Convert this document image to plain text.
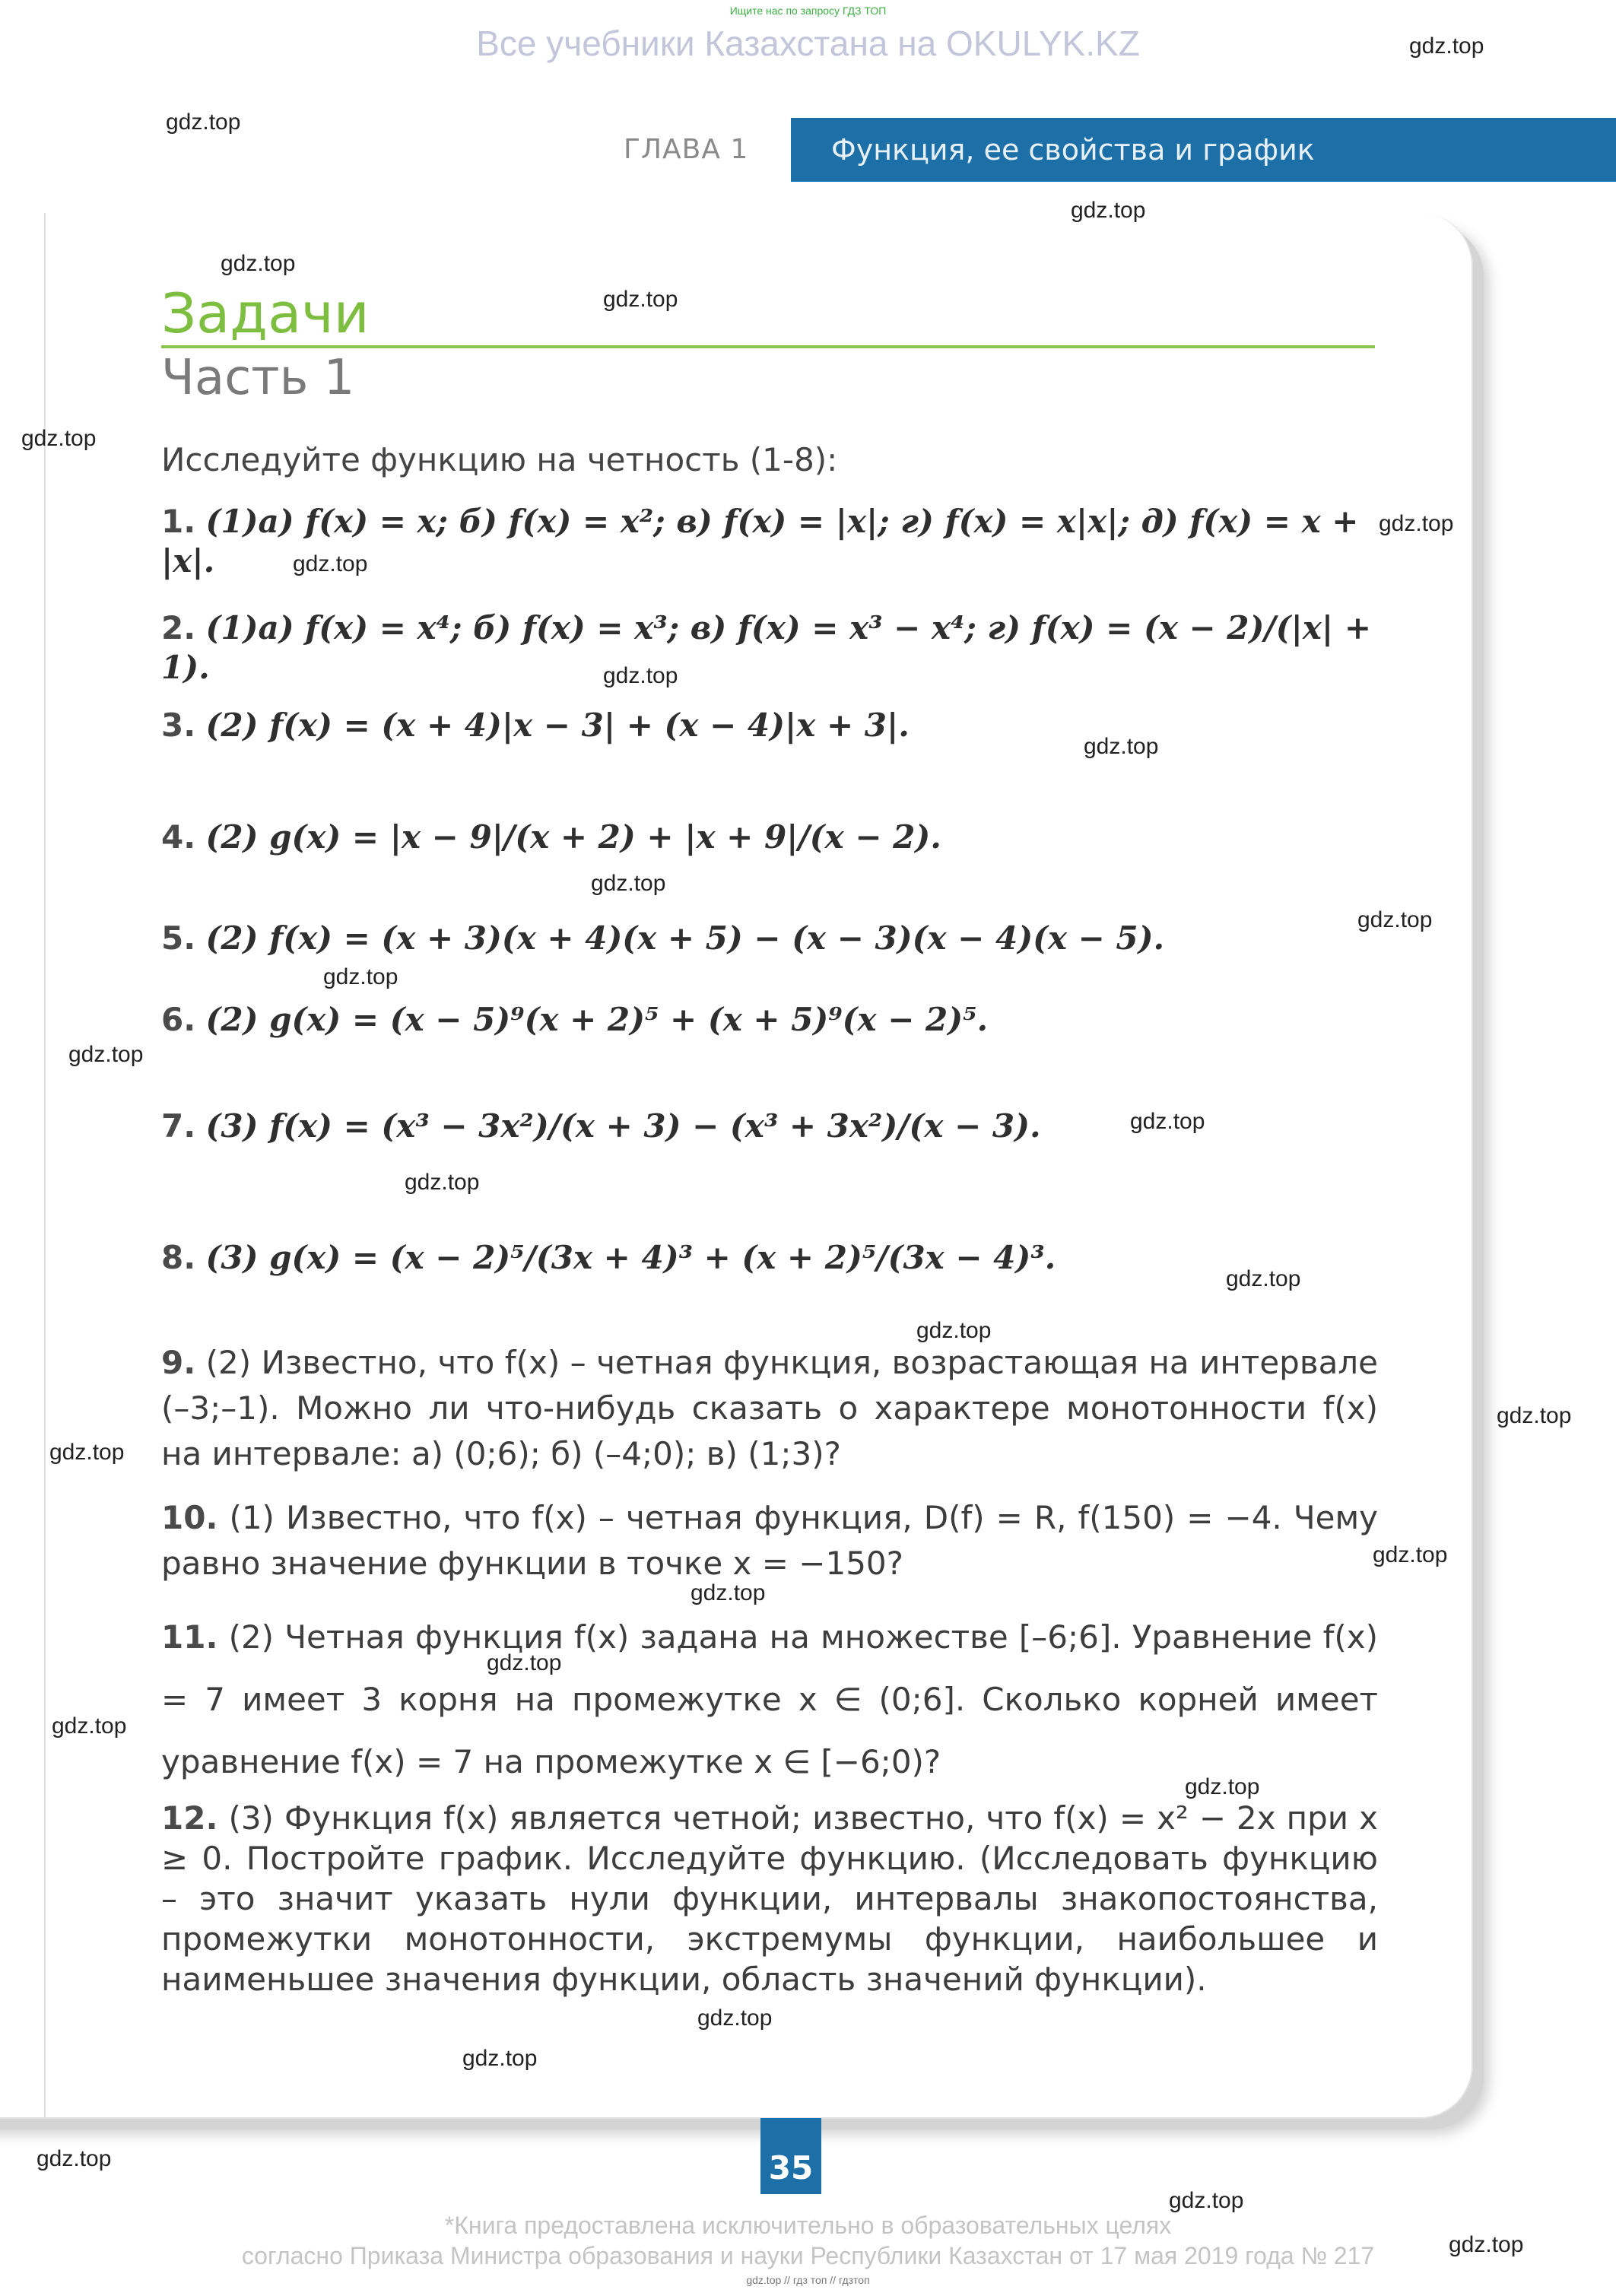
Ищите нас по запросу ГДЗ ТОП
Все учебники Казахстана на OKULYK.KZ
ГЛАВА 1	Функция, ее свойства и график
Задачи
Часть 1
Исследуйте функцию на четность (1-8):
1. (1)а) f(x) = x; б) f(x) = x²; в) f(x) = |x|; г) f(x) = x|x|; д) f(x) = x + |x|.
2. (1)а) f(x) = x⁴; б) f(x) = x³; в) f(x) = x³ − x⁴; г) f(x) = (x − 2)/(|x| + 1).
3. (2) f(x) = (x + 4)|x − 3| + (x − 4)|x + 3|.
4. (2) g(x) = |x − 9|/(x + 2) + |x + 9|/(x − 2).
5. (2) f(x) = (x + 3)(x + 4)(x + 5) − (x − 3)(x − 4)(x − 5).
6. (2) g(x) = (x − 5)⁹(x + 2)⁵ + (x + 5)⁹(x − 2)⁵.
7. (3) f(x) = (x³ − 3x²)/(x + 3) − (x³ + 3x²)/(x − 3).
8. (3) g(x) = (x − 2)⁵/(3x + 4)³ + (x + 2)⁵/(3x − 4)³.
9. (2) Известно, что f(x) – четная функция, возрастающая на интервале (–3;–1). Можно ли что-нибудь сказать о характере монотонности f(x) на интервале: а) (0;6); б) (–4;0); в) (1;3)?
10. (1) Известно, что f(x) – четная функция, D(f) = R, f(150) = −4. Чему равно значение функции в точке x = −150?
11. (2) Четная функция f(x) задана на множестве [–6;6]. Уравнение f(x) = 7 имеет 3 корня на промежутке x ∈ (0;6]. Сколько корней имеет уравнение f(x) = 7 на промежутке x ∈ [−6;0)?
12. (3) Функция f(x) является четной; известно, что f(x) = x² − 2x при x ≥ 0. Постройте график. Исследуйте функцию. (Исследовать функцию – это значит указать нули функции, интервалы знакопостоянства, промежутки монотонности, экстремумы функции, наибольшее и наименьшее значения функции, область значений функции).
35
*Книга предоставлена исключительно в образовательных целях
согласно Приказа Министра образования и науки Республики Казахстан от 17 мая 2019 года № 217
gdz.top // гдз топ // гдзтоп
gdz.top
gdz.top
gdz.top
gdz.top
gdz.top
gdz.top
gdz.top
gdz.top
gdz.top
gdz.top
gdz.top
gdz.top
gdz.top
gdz.top
gdz.top
gdz.top
gdz.top
gdz.top
gdz.top
gdz.top
gdz.top
gdz.top
gdz.top
gdz.top
gdz.top
gdz.top
gdz.top
gdz.top
gdz.top
gdz.top
